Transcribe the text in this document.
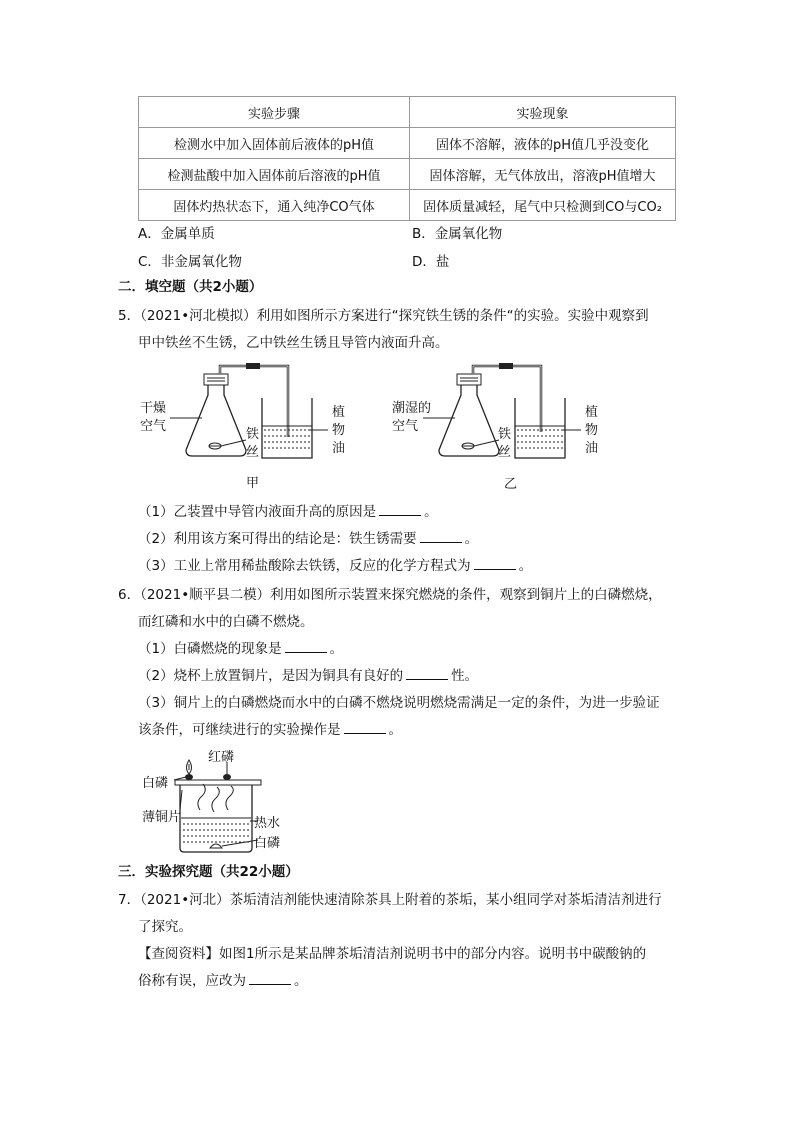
实验步骤	实验现象
检测水中加入固体前后液体的pH值	固体不溶解，液体的pH值几乎没变化
检测盐酸中加入固体前后溶液的pH值	固体溶解，无气体放出，溶液pH值增大
固体灼热状态下，通入纯净CO气体	固体质量减轻，尾气中只检测到CO与CO₂
A．金属单质	B．金属氧化物
C．非金属氧化物	D．盐
二．填空题（共2小题）
5．（2021•河北模拟）利用如图所示方案进行“探究铁生锈的条件“的实验。实验中观察到
甲中铁丝不生锈，乙中铁丝生锈且导管内液面升高。
干燥空气
铁丝
植物油
甲
潮湿的空气
铁丝
植物油
乙
（1）乙装置中导管内液面升高的原因是	。
（2）利用该方案可得出的结论是：铁生锈需要	。
（3）工业上常用稀盐酸除去铁锈，反应的化学方程式为	。
6．（2021•顺平县二模）利用如图所示装置来探究燃烧的条件，观察到铜片上的白磷燃烧，
而红磷和水中的白磷不燃烧。
（1）白磷燃烧的现象是	。
（2）烧杯上放置铜片，是因为铜具有良好的	性。
（3）铜片上的白磷燃烧而水中的白磷不燃烧说明燃烧需满足一定的条件，为进一步验证
该条件，可继续进行的实验操作是	。
红磷
白磷
薄铜片	热水
白磷
三．实验探究题（共22小题）
7．（2021•河北）茶垢清洁剂能快速清除茶具上附着的茶垢，某小组同学对茶垢清洁剂进行
了探究。
【查阅资料】如图1所示是某品牌茶垢清洁剂说明书中的部分内容。说明书中碳酸钠的
俗称有误，应改为	。
